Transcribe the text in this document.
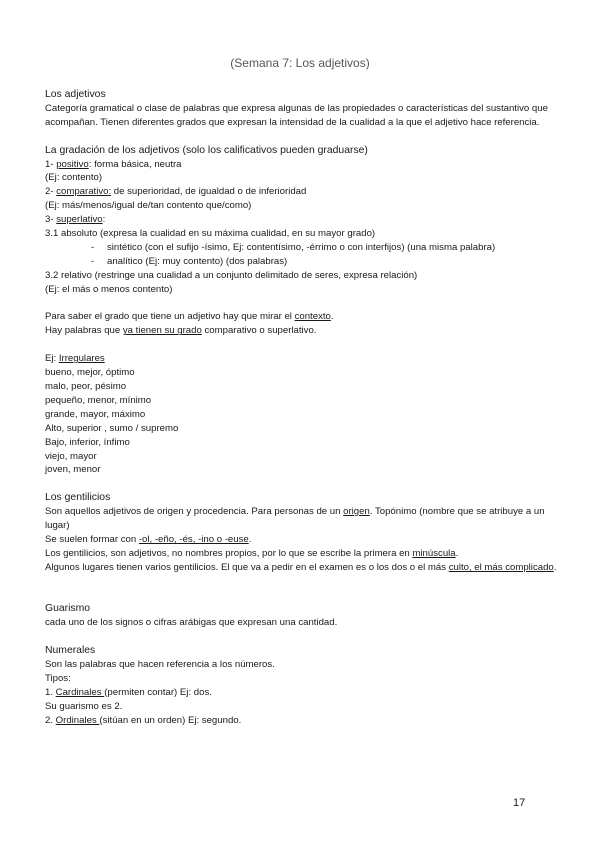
(Semana 7: Los adjetivos)
Los adjetivos
Categoría gramatical o clase de palabras que expresa algunas de las propiedades o características del sustantivo que acompañan. Tienen diferentes grados que expresan la intensidad de la cualidad a la que el adjetivo hace referencia.
La gradación de los adjetivos (solo los calificativos pueden graduarse)
1- positivo: forma básica, neutra
(Ej: contento)
2- comparativo: de superioridad, de igualdad o de inferioridad
(Ej: más/menos/igual de/tan contento que/como)
3- superlativo:
3.1 absoluto (expresa la cualidad en su máxima cualidad, en su mayor grado)
- sintético (con el sufijo -ísimo, Ej: contentísimo, -érrimo o con interfijos) (una misma palabra)
- analítico (Ej: muy contento) (dos palabras)
3.2 relativo (restringe una cualidad a un conjunto delimitado de seres, expresa relación)
(Ej: el más o menos contento)
Para saber el grado que tiene un adjetivo hay que mirar el contexto.
Hay palabras que ya tienen su grado comparativo o superlativo.
Ej: Irregulares
bueno, mejor, óptimo
malo, peor, pésimo
pequeño, menor, mínimo
grande, mayor, máximo
Alto, superior , sumo / supremo
Bajo, inferior, ínfimo
viejo, mayor
joven, menor
Los gentilicios
Son aquellos adjetivos de origen y procedencia. Para personas de un origen. Topónimo (nombre que se atribuye a un lugar)
Se suelen formar con -ol, -eño, -és, -ino o -euse.
Los gentilicios, son adjetivos, no nombres propios, por lo que se escribe la primera en minúscula.
Algunos lugares tienen varios gentilicios. El que va a pedir en el examen es o los dos o el más culto, el más complicado.
Guarismo
cada uno de los signos o cifras arábigas que expresan una cantidad.
Numerales
Son las palabras que hacen referencia a los números.
Tipos:
1. Cardinales (permiten contar) Ej: dos.
Su guarismo es 2.
2. Ordinales (sitúan en un orden) Ej: segundo.
17
